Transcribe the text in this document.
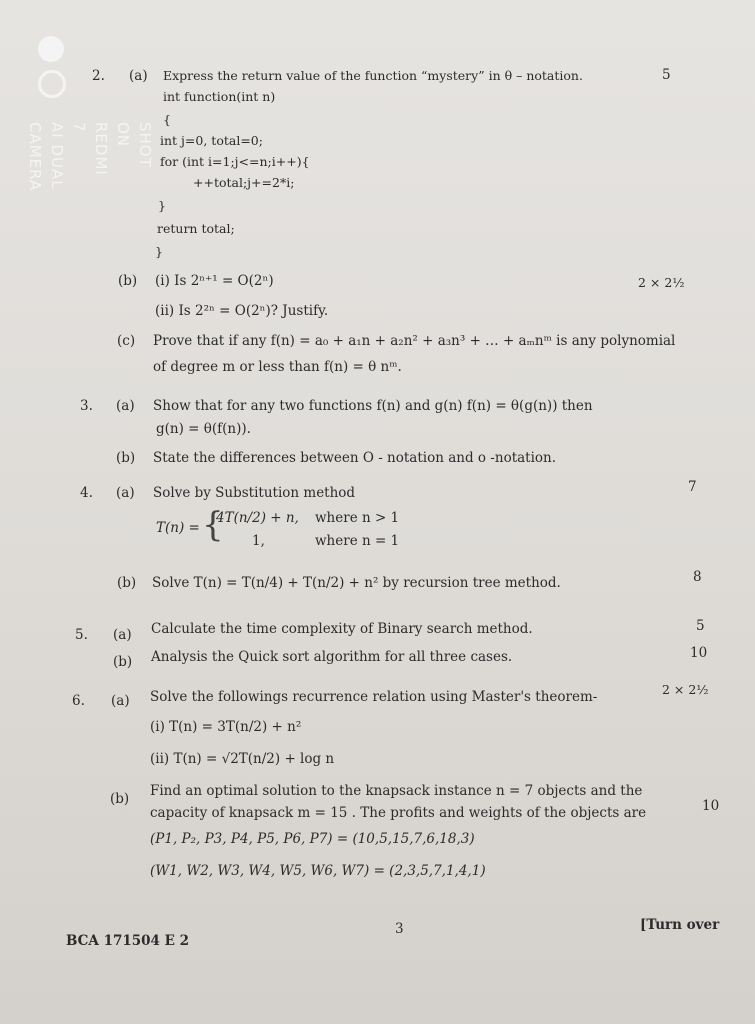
SHOT ON REDMI 7
AI DUAL CAMERA
2. (a) Express the return value of the function “mystery” in θ – notation.	5
int function(int n)
{
int j=0, total=0;
for (int i=1;j<=n;i++){
++total;j+=2*i;
}
return total;
}
(b) (i) Is 2ⁿ⁺¹ = O(2ⁿ)	2 × 2½
(ii) Is 2²ⁿ = O(2ⁿ)? Justify.
(c) Prove that if any f(n) = a₀ + a₁n + a₂n² + a₃n³ + … + aₘnᵐ is any polynomial
of degree m or less than f(n) = θ nᵐ.
3. (a) Show that for any two functions f(n) and g(n) f(n) = θ(g(n)) then
g(n) = θ(f(n)).
(b) State the differences between O - notation and o -notation.
4. (a) Solve by Substitution method	7
T(n) = {
4T(n/2) + n, where n > 1
1,	where n = 1
(b) Solve T(n) = T(n/4) + T(n/2) + n² by recursion tree method.	8
5. (a) Calculate the time complexity of Binary search method.	5
(b) Analysis the Quick sort algorithm for all three cases.	10
6. (a) Solve the followings recurrence relation using Master's theorem-	2 × 2½
(i) T(n) = 3T(n/2) + n²
(ii) T(n) = √2T(n/2) + log n
(b) Find an optimal solution to the knapsack instance n = 7 objects and the
capacity of knapsack m = 15 . The profits and weights of the objects are	10
(P1, P₂, P3, P4, P5, P6, P7) = (10,5,15,7,6,18,3)
(W1, W2, W3, W4, W5, W6, W7) = (2,3,5,7,1,4,1)
BCA 171504 E 2
3	[Turn over
